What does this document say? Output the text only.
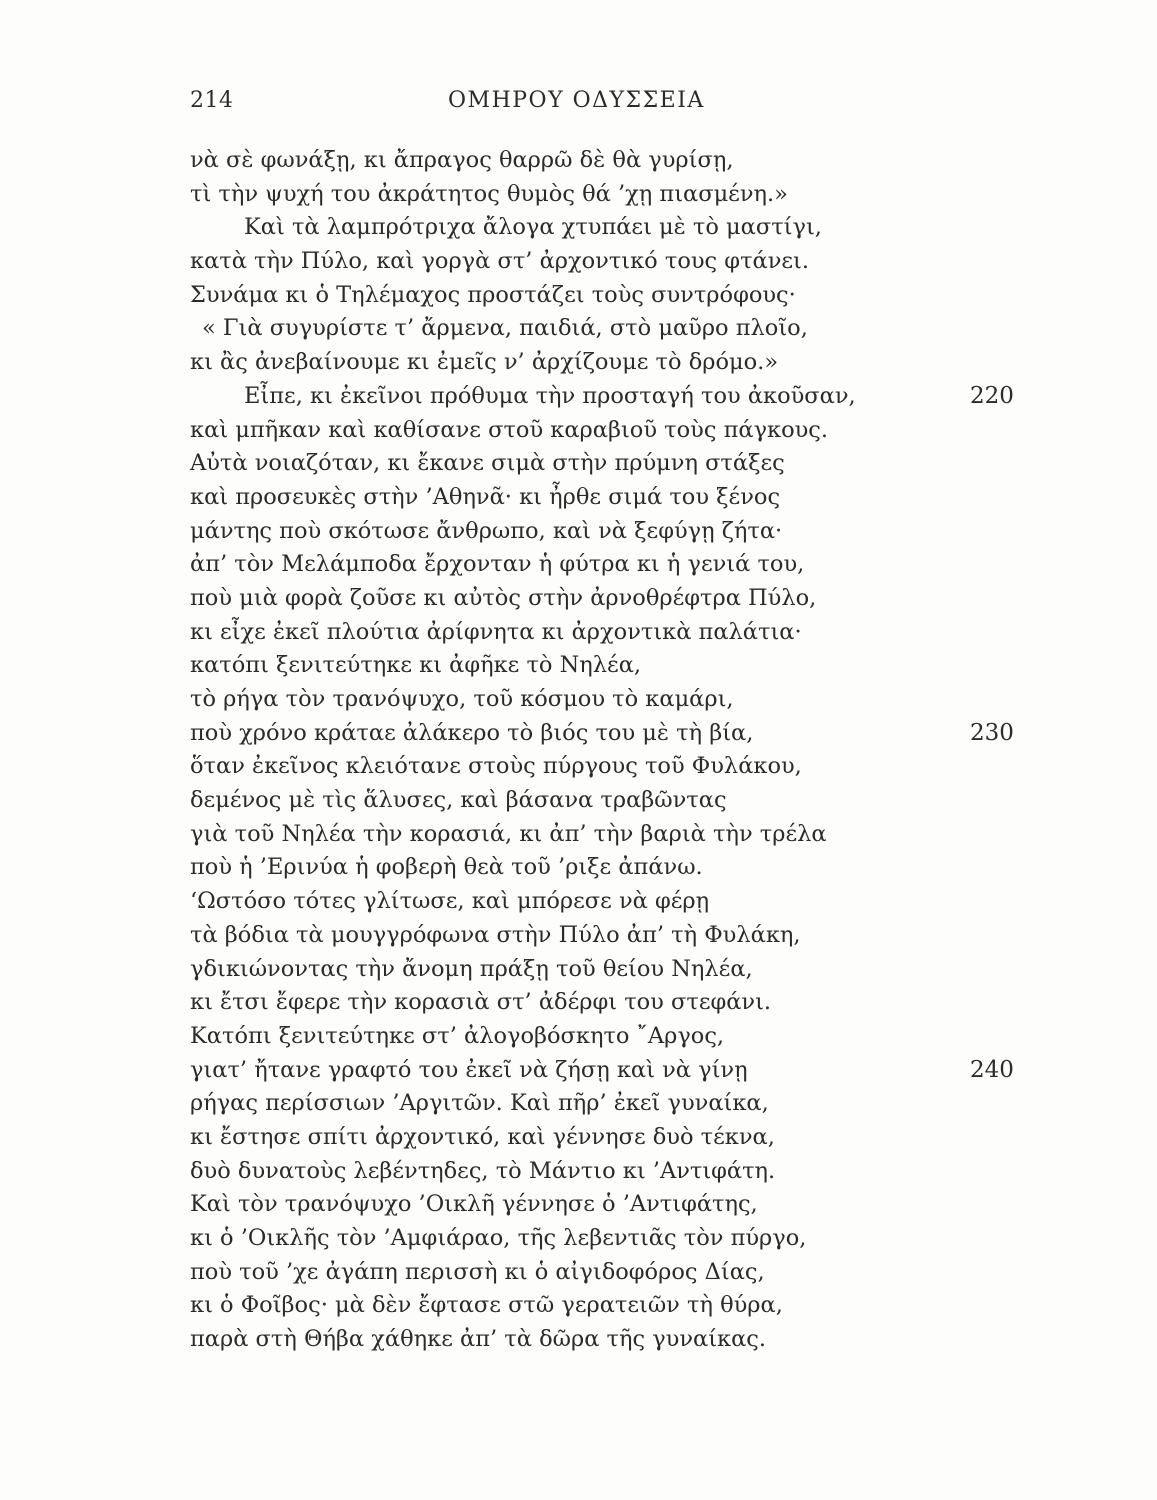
214	ΟΜΗΡΟΥ ΟΔΥΣΣΕΙΑ
νὰ σὲ φωνάξῃ, κι ἄπραγος θαρρῶ δὲ θὰ γυρίσῃ,
τὶ τὴν ψυχή του ἀκράτητος θυμὸς θά ’χῃ πιασμένη.»
Καὶ τὰ λαμπρότριχα ἄλογα χτυπάει μὲ τὸ μαστίγι,
κατὰ τὴν Πύλο, καὶ γοργὰ στ’ ἀρχοντικό τους φτάνει.
Συνάμα κι ὁ Τηλέμαχος προστάζει τοὺς συντρόφους·
« Γιὰ συγυρίστε τ’ ἄρμενα, παιδιά, στὸ μαῦρο πλοῖο,
κι ἂς ἀνεβαίνουμε κι ἐμεῖς ν’ ἀρχίζουμε τὸ δρόμο.»
Εἶπε, κι ἐκεῖνοι πρόθυμα τὴν προσταγή του ἀκοῦσαν,	220
καὶ μπῆκαν καὶ καθίσανε στοῦ καραβιοῦ τοὺς πάγκους.
Αὐτὰ νοιαζόταν, κι ἔκανε σιμὰ στὴν πρύμνη στάξες
καὶ προσευκὲς στὴν ’Αθηνᾶ· κι ἦρθε σιμά του ξένος
μάντης ποὺ σκότωσε ἄνθρωπο, καὶ νὰ ξεφύγῃ ζήτα·
ἀπ’ τὸν Μελάμποδα ἔρχονταν ἡ φύτρα κι ἡ γενιά του,
ποὺ μιὰ φορὰ ζοῦσε κι αὐτὸς στὴν ἀρνοθρέφτρα Πύλο,
κι εἶχε ἐκεῖ πλούτια ἀρίφνητα κι ἀρχοντικὰ παλάτια·
κατόπι ξενιτεύτηκε κι ἀφῆκε τὸ Νηλέα,
τὸ ρήγα τὸν τρανόψυχο, τοῦ κόσμου τὸ καμάρι,
ποὺ χρόνο κράταε ἀλάκερο τὸ βιός του μὲ τὴ βία,	230
ὅταν ἐκεῖνος κλειότανε στοὺς πύργους τοῦ Φυλάκου,
δεμένος μὲ τὶς ἅλυσες, καὶ βάσανα τραβῶντας
γιὰ τοῦ Νηλέα τὴν κορασιά, κι ἀπ’ τὴν βαριὰ τὴν τρέλα
ποὺ ἡ ’Ερινύα ἡ φοβερὴ θεὰ τοῦ ’ριξε ἀπάνω.
‘Ωστόσο τότες γλίτωσε, καὶ μπόρεσε νὰ φέρῃ
τὰ βόδια τὰ μουγγρόφωνα στὴν Πύλο ἀπ’ τὴ Φυλάκη,
γδικιώνοντας τὴν ἄνομη πράξῃ τοῦ θείου Νηλέα,
κι ἔτσι ἔφερε τὴν κορασιὰ στ’ ἀδέρφι του στεφάνι.
Κατόπι ξενιτεύτηκε στ’ ἀλογοβόσκητο ῎Αργος,
γιατ’ ἤτανε γραφτό του ἐκεῖ νὰ ζήσῃ καὶ νὰ γίνῃ	240
ρήγας περίσσιων ’Αργιτῶν. Καὶ πῆρ’ ἐκεῖ γυναίκα,
κι ἔστησε σπίτι ἀρχοντικό, καὶ γέννησε δυὸ τέκνα,
δυὸ δυνατοὺς λεβέντηδες, τὸ Μάντιο κι ’Αντιφάτη.
Καὶ τὸν τρανόψυχο ’Οικλῆ γέννησε ὁ ’Αντιφάτης,
κι ὁ ’Οικλῆς τὸν ’Αμφιάραο, τῆς λεβεντιᾶς τὸν πύργο,
ποὺ τοῦ ’χε ἀγάπη περισσὴ κι ὁ αἰγιδοφόρος Δίας,
κι ὁ Φοῖβος· μὰ δὲν ἔφτασε στῶ γερατειῶν τὴ θύρα,
παρὰ στὴ Θήβα χάθηκε ἀπ’ τὰ δῶρα τῆς γυναίκας.
